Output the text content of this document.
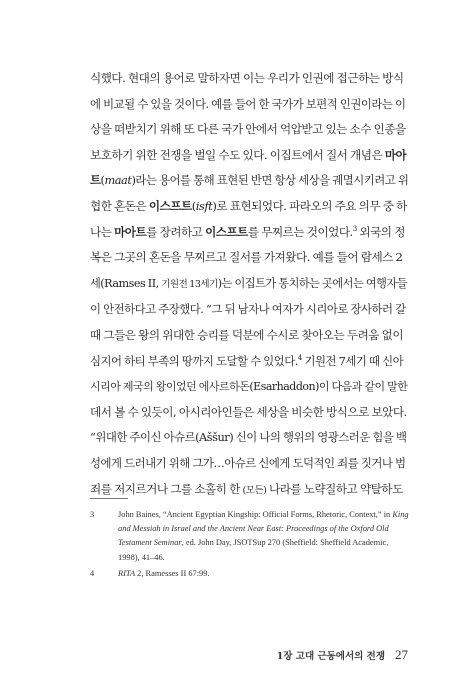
식했다. 현대의 용어로 말하자면 이는 우리가 인권에 접근하는 방식
에 비교될 수 있을 것이다. 예를 들어 한 국가가 보편적 인권이라는 이
상을 떠받치기 위해 또 다른 국가 안에서 억압받고 있는 소수 인종을
보호하기 위한 전쟁을 벌일 수도 있다. 이집트에서 질서 개념은 마아
트(maat)라는 용어를 통해 표현된 반면 항상 세상을 궤멸시키려고 위
협한 혼돈은 이스프트(isft)로 표현되었다. 파라오의 주요 의무 중 하
나는 마아트를 장려하고 이스프트를 무찌르는 것이었다.$^3$ 외국의 정
복은 그곳의 혼돈을 무찌르고 질서를 가져왔다. 예를 들어 람세스 2
세(Ramses II, 기원전 13세기)는 이집트가 통치하는 곳에서는 여행자들
이 안전하다고 주장했다. “그 뒤 남자나 여자가 시리아로 장사하러 갈
때 그들은 왕의 위대한 승리를 덕분에 수시로 찾아오는 두려움 없이
심지어 하티 부족의 땅까지 도달할 수 있었다.$^4$ 기원전 7세기 때 신아
시리아 제국의 왕이었던 에사르하돈(Esarhaddon)이 다음과 같이 말한
데서 볼 수 있듯이, 아시리아인들은 세상을 비슷한 방식으로 보았다.
“위대한 주이신 아슈르(Aššur) 신이 나의 행위의 영광스러운 힘을 백
성에게 드러내기 위해 그가…아슈르 신에게 도덕적인 죄를 짓거나 범
죄를 저지르거나 그를 소홀히 한 (모든) 나라를 노략질하고 약탈하도
3	John Baines, “Ancient Egyptian Kingship: Official Forms, Rhetoric, Context,” in King and Messiah in Israel and the Ancient Near East: Proceedings of the Oxford Old Testament Seminar, ed. John Day, JSOTSup 270 (Sheffield: Sheffield Academic, 1998), 41–46.
4	RITA 2, Ramesses II 67:99.
1장 고대 근동에서의 전쟁 27
